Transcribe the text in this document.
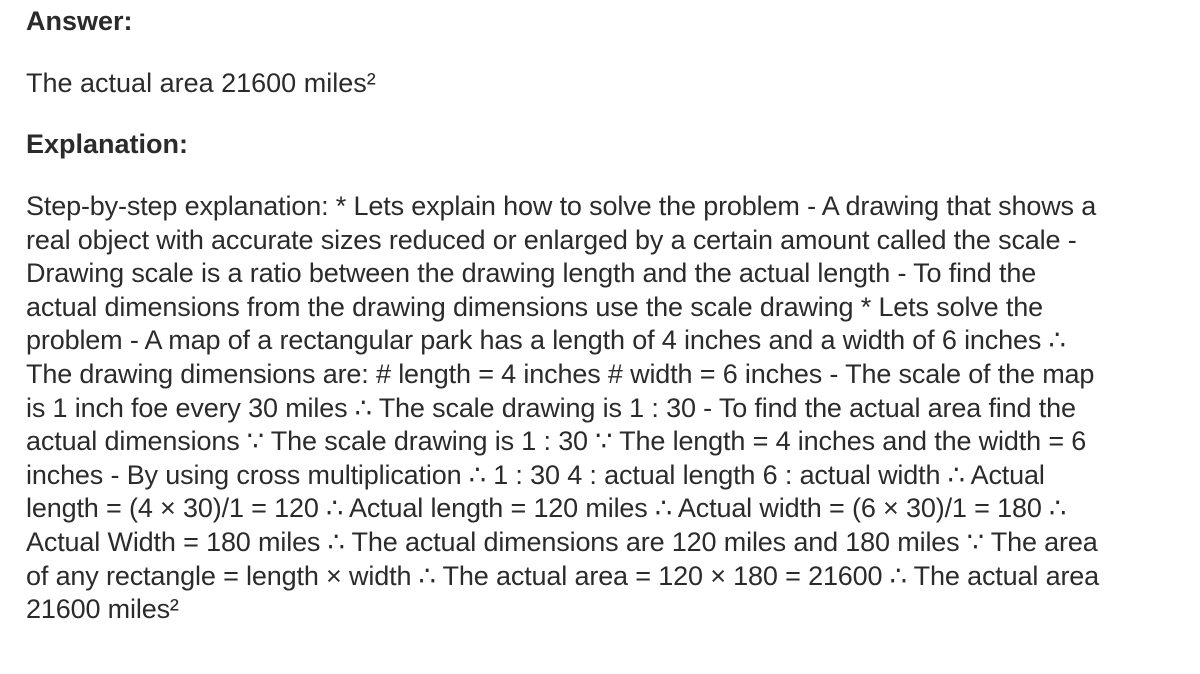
Answer:

The actual area 21600 miles²

Explanation:

Step-by-step explanation: * Lets explain how to solve the problem - A drawing that shows a
real object with accurate sizes reduced or enlarged by a certain amount called the scale -
Drawing scale is a ratio between the drawing length and the actual length - To find the
actual dimensions from the drawing dimensions use the scale drawing * Lets solve the
problem - A map of a rectangular park has a length of 4 inches and a width of 6 inches ∴
The drawing dimensions are: # length = 4 inches # width = 6 inches - The scale of the map
is 1 inch foe every 30 miles ∴ The scale drawing is 1 : 30 - To find the actual area find the
actual dimensions ∵ The scale drawing is 1 : 30 ∵ The length = 4 inches and the width = 6
inches - By using cross multiplication ∴ 1 : 30 4 : actual length 6 : actual width ∴ Actual
length = (4 × 30)/1 = 120 ∴ Actual length = 120 miles ∴ Actual width = (6 × 30)/1 = 180 ∴
Actual Width = 180 miles ∴ The actual dimensions are 120 miles and 180 miles ∵ The area
of any rectangle = length × width ∴ The actual area = 120 × 180 = 21600 ∴ The actual area
21600 miles²
